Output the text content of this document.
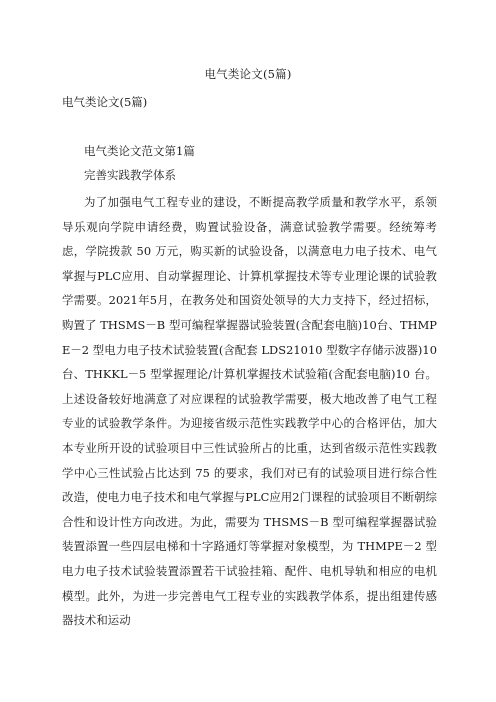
电气类论文(5篇)
电气类论文(5篇)
电气类论文范文第1篇
完善实践教学体系
为了加强电气工程专业的建设，不断提高教学质量和教学水平，系领导乐观向学院申请经费，购置试验设备，满意试验教学需要。经统筹考虑，学院拨款 50 万元，购买新的试验设备，以满意电力电子技术、电气掌握与PLC应用、自动掌握理论、计算机掌握技术等专业理论课的试验教学需要。2021年5月，在教务处和国资处领导的大力支持下，经过招标，购置了 THSMS－B 型可编程掌握器试验装置(含配套电脑)10台、THMPE－2 型电力电子技术试验装置(含配套 LDS21010 型数字存储示波器)10 台、THKKL－5 型掌握理论/计算机掌握技术试验箱(含配套电脑)10 台。上述设备较好地满意了对应课程的试验教学需要，极大地改善了电气工程专业的试验教学条件。为迎接省级示范性实践教学中心的合格评估，加大本专业所开设的试验项目中三性试验所占的比重，达到省级示范性实践教学中心三性试验占比达到 75 的要求，我们对已有的试验项目进行综合性改造，使电力电子技术和电气掌握与PLC应用2门课程的试验项目不断朝综合性和设计性方向改进。为此，需要为 THSMS－B 型可编程掌握器试验装置添置一些四层电梯和十字路通灯等掌握对象模型，为 THMPE－2 型电力电子技术试验装置添置若干试验挂箱、配件、电机导轨和相应的电机模型。此外，为进一步完善电气工程专业的实践教学体系，提出组建传感器技术和运动
